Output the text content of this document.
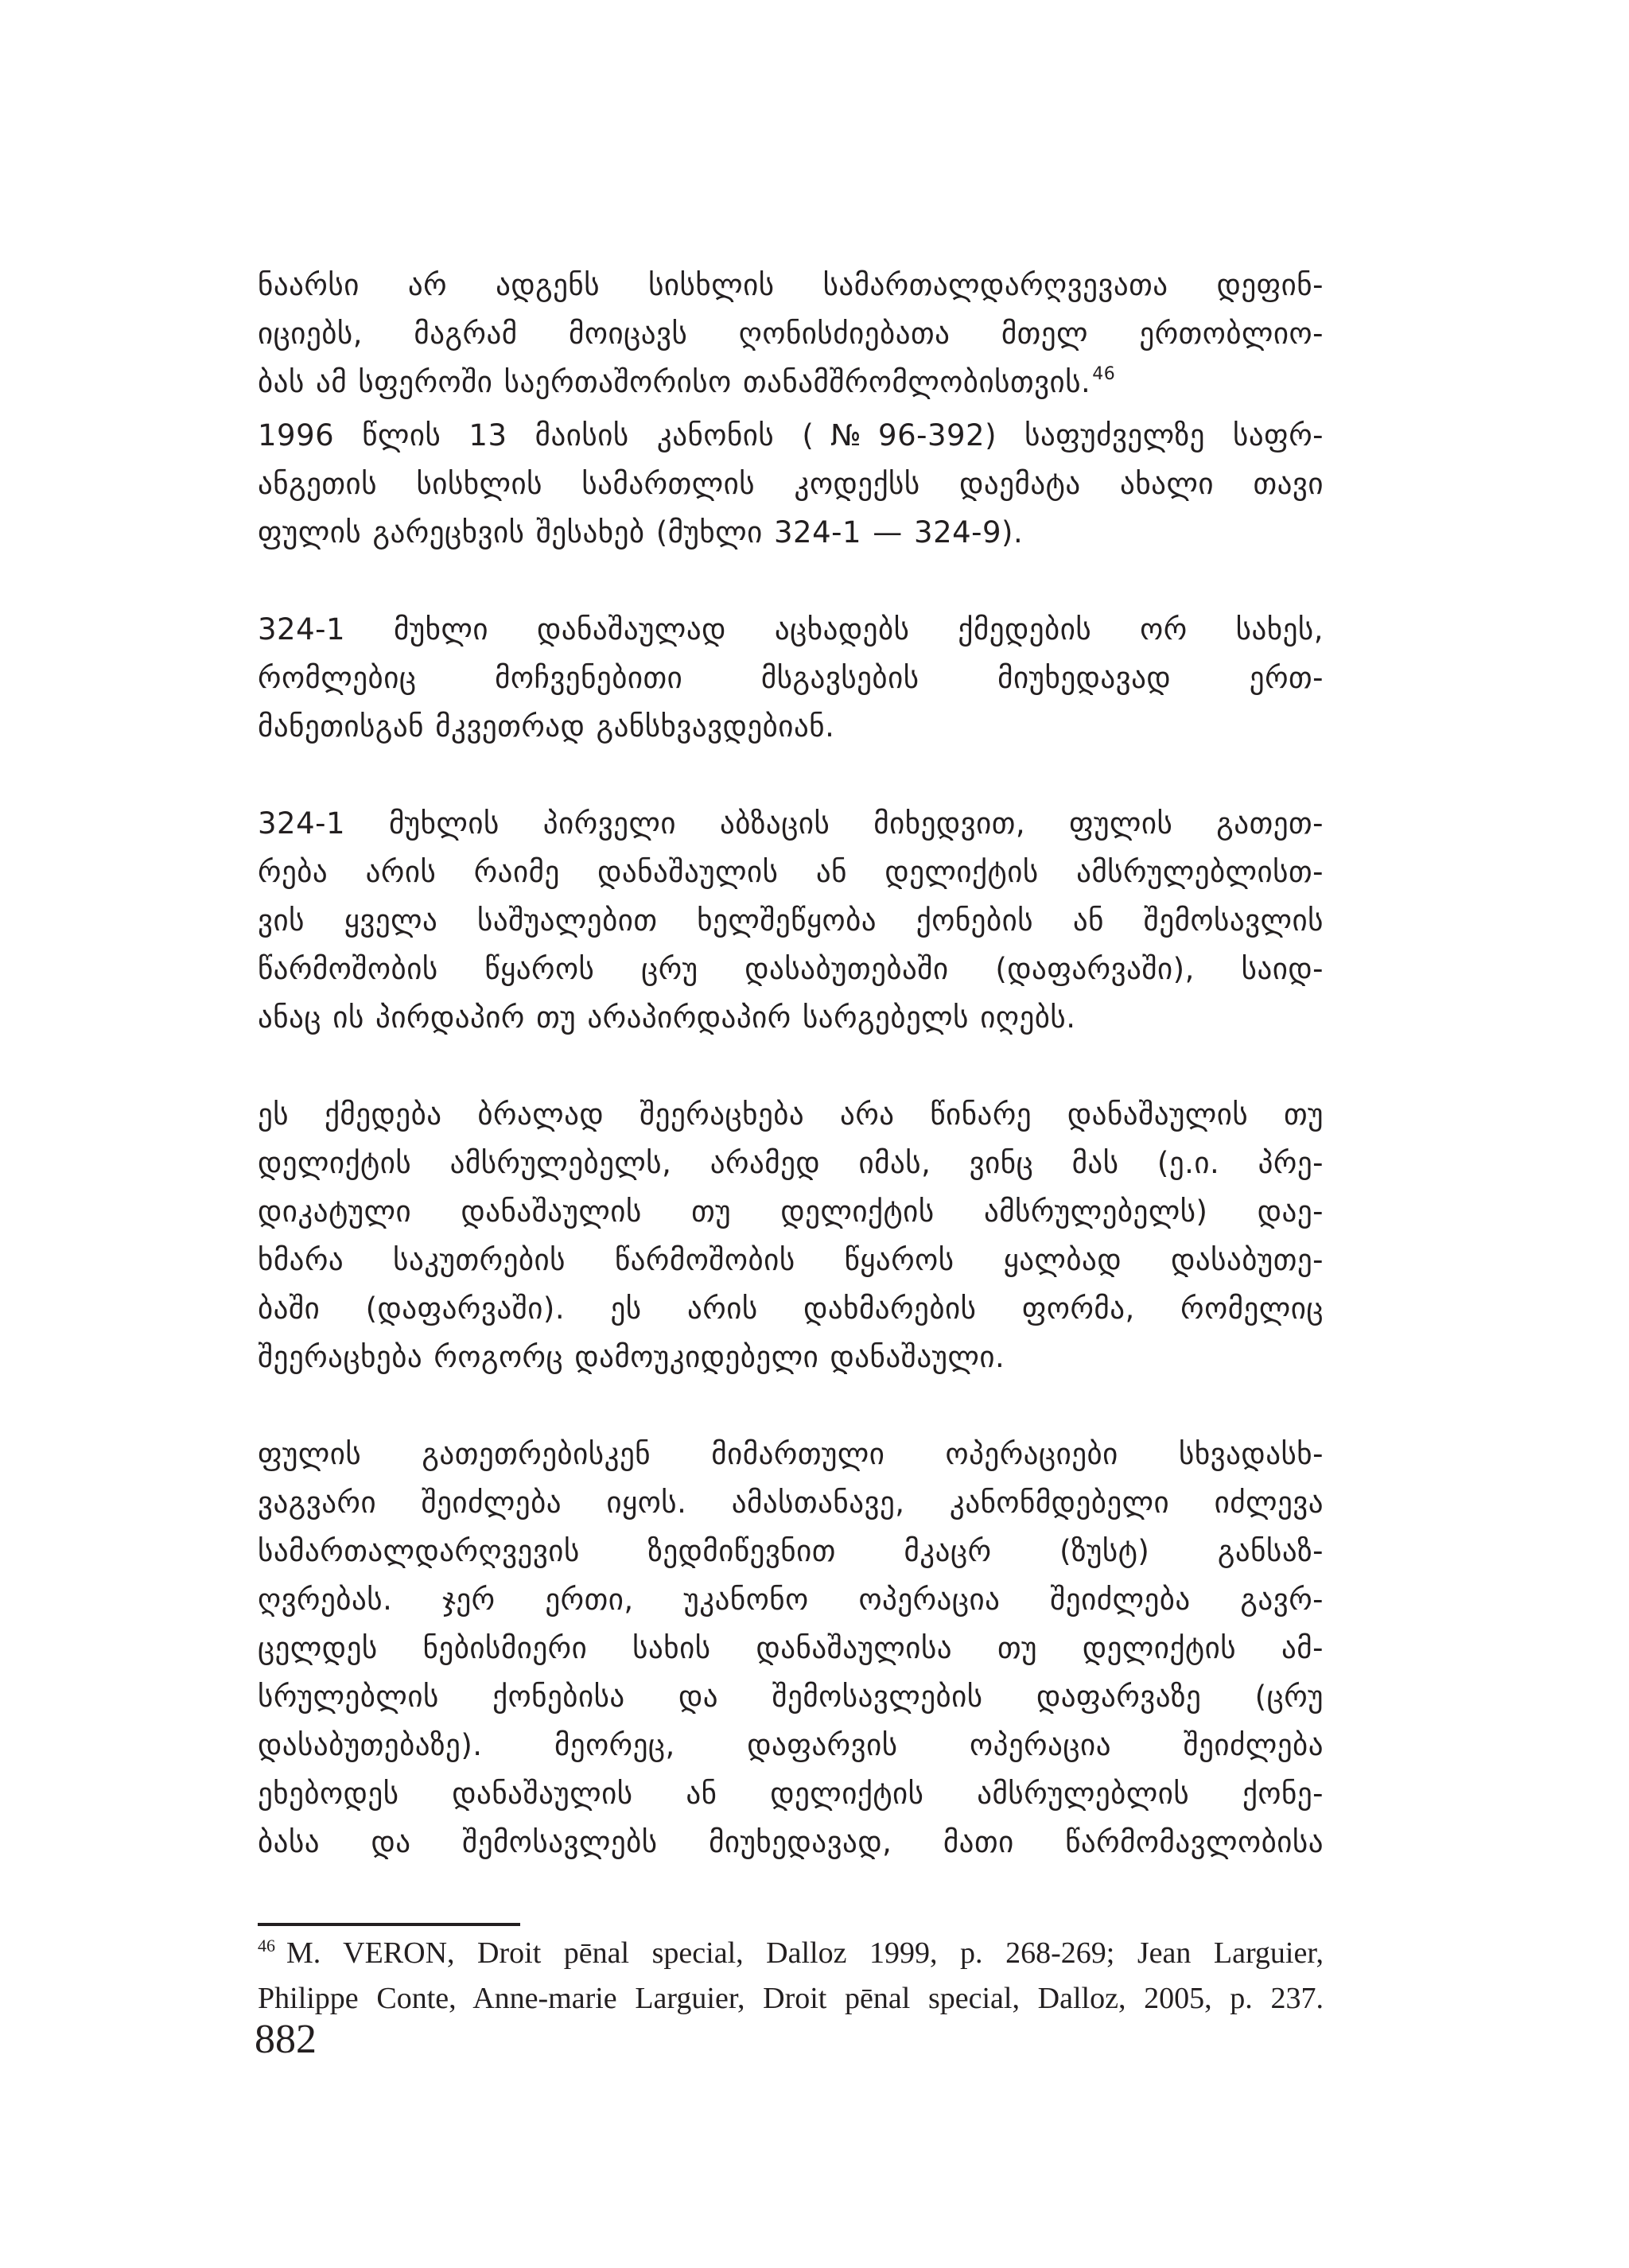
ნაარსი არ ადგენს სისხლის სამართალდარღვევათა დეფინ-
იციებს, მაგრამ მოიცავს ღონისძიებათა მთელ ერთობლიო-
ბას ამ სფეროში საერთაშორისო თანამშრომლობისთვის.$^{46}$
1996 წლის 13 მაისის კანონის (№96-392) საფუძველზე საფრ-
ანგეთის სისხლის სამართლის კოდექსს დაემატა ახალი თავი
ფულის გარეცხვის შესახებ (მუხლი 324-1 — 324-9).
324-1 მუხლი დანაშაულად აცხადებს ქმედების ორ სახეს,
რომლებიც მოჩვენებითი მსგავსების მიუხედავად ერთ-
მანეთისგან მკვეთრად განსხვავდებიან.
324-1 მუხლის პირველი აბზაცის მიხედვით, ფულის გათეთ-
რება არის რაიმე დანაშაულის ან დელიქტის ამსრულებლისთ-
ვის ყველა საშუალებით ხელშეწყობა ქონების ან შემოსავლის
წარმოშობის წყაროს ცრუ დასაბუთებაში (დაფარვაში), საიდ-
ანაც ის პირდაპირ თუ არაპირდაპირ სარგებელს იღებს.
ეს ქმედება ბრალად შეერაცხება არა წინარე დანაშაულის თუ
დელიქტის ამსრულებელს, არამედ იმას, ვინც მას (ე.ი. პრე-
დიკატული დანაშაულის თუ დელიქტის ამსრულებელს) დაე-
ხმარა საკუთრების წარმოშობის წყაროს ყალბად დასაბუთე-
ბაში (დაფარვაში). ეს არის დახმარების ფორმა, რომელიც
შეერაცხება როგორც დამოუკიდებელი დანაშაული.
ფულის გათეთრებისკენ მიმართული ოპერაციები სხვადასხ-
ვაგვარი შეიძლება იყოს. ამასთანავე, კანონმდებელი იძლევა
სამართალდარღვევის ზედმიწევნით მკაცრ (ზუსტ) განსაზ-
ღვრებას. ჯერ ერთი, უკანონო ოპერაცია შეიძლება გავრ-
ცელდეს ნებისმიერი სახის დანაშაულისა თუ დელიქტის ამ-
სრულებლის ქონებისა და შემოსავლების დაფარვაზე (ცრუ
დასაბუთებაზე). მეორეც, დაფარვის ოპერაცია შეიძლება
ეხებოდეს დანაშაულის ან დელიქტის ამსრულებლის ქონე-
ბასა და შემოსავლებს მიუხედავად, მათი წარმომავლობისა
$^{46}$ M. VERON, Droit pēnal special, Dalloz 1999, p. 268-269; Jean Larguier,
Philippe Conte, Anne-marie Larguier, Droit pēnal special, Dalloz, 2005, p. 237.
882
